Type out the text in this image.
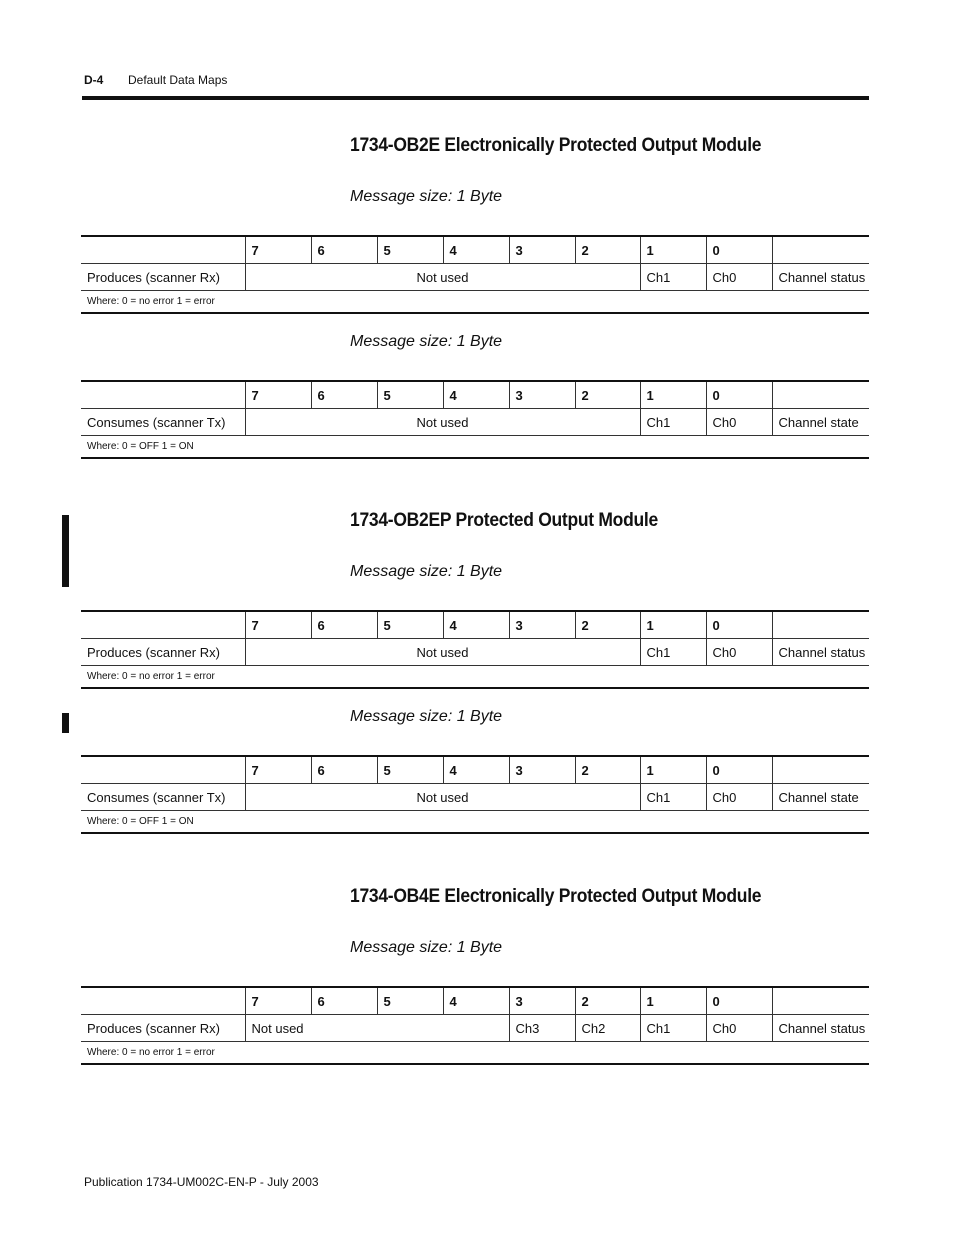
D-4 Default Data Maps
1734-OB2E Electronically Protected Output Module
Message size: 1 Byte
	7	6	5	4	3	2	1	0	
Produces (scanner Rx)	Not used						Ch1	Ch0	Channel status
Where: 0 = no error 1 = error									
Message size: 1 Byte
	7	6	5	4	3	2	1	0	
Consumes (scanner Tx)	Not used						Ch1	Ch0	Channel state
Where: 0 = OFF 1 = ON									
1734-OB2EP Protected Output Module
Message size: 1 Byte
	7	6	5	4	3	2	1	0	
Produces (scanner Rx)	Not used						Ch1	Ch0	Channel status
Where: 0 = no error 1 = error									
Message size: 1 Byte
	7	6	5	4	3	2	1	0	
Consumes (scanner Tx)	Not used						Ch1	Ch0	Channel state
Where: 0 = OFF 1 = ON									
1734-OB4E Electronically Protected Output Module
Message size: 1 Byte
	7	6	5	4	3	2	1	0	
Produces (scanner Rx)	Not used				Ch3	Ch2	Ch1	Ch0	Channel status
Where: 0 = no error 1 = error									
Publication 1734-UM002C-EN-P - July 2003
